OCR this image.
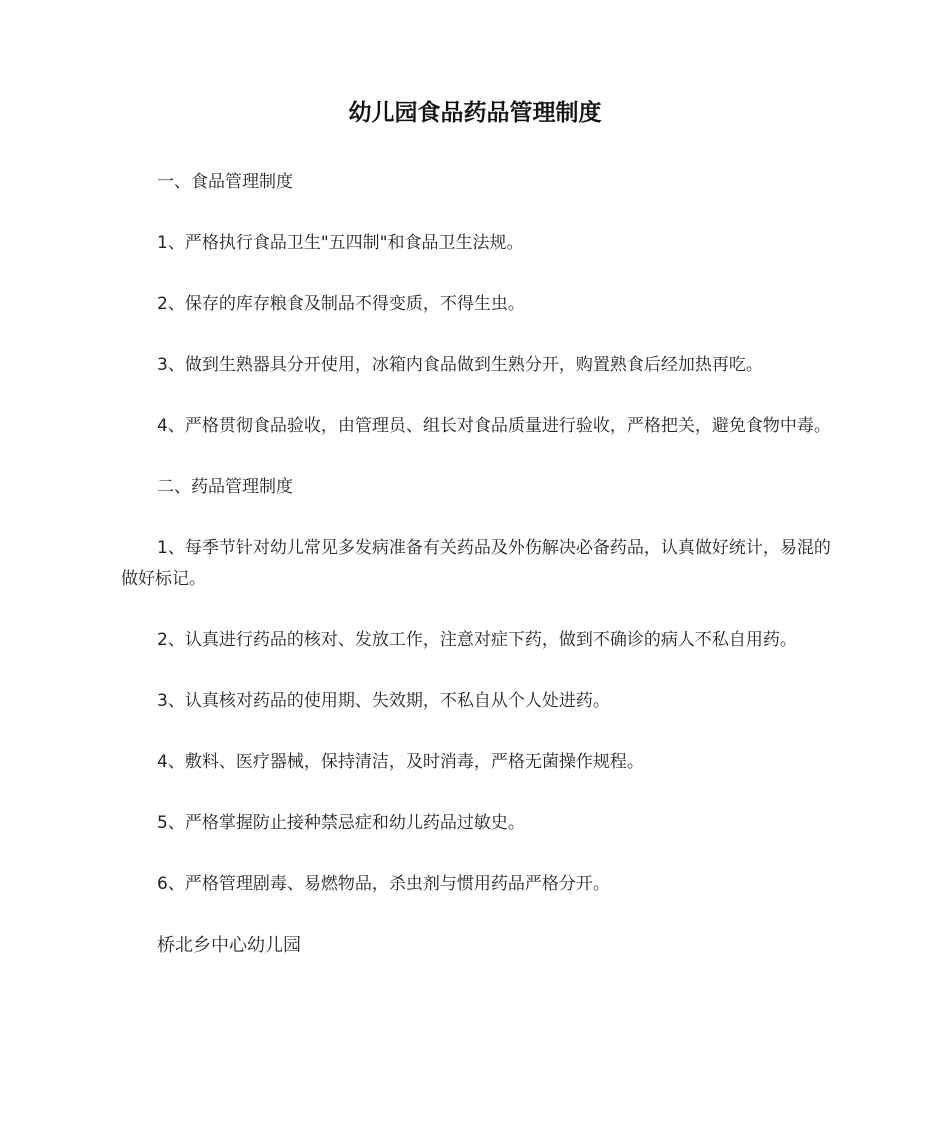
幼儿园食品药品管理制度

一、食品管理制度

1、严格执行食品卫生"五四制"和食品卫生法规。

2、保存的库存粮食及制品不得变质，不得生虫。

3、做到生熟器具分开使用，冰箱内食品做到生熟分开，购置熟食后经加热再吃。

4、严格贯彻食品验收，由管理员、组长对食品质量进行验收，严格把关，避免食物中毒。

二、药品管理制度

1、每季节针对幼儿常见多发病准备有关药品及外伤解决必备药品，认真做好统计，易混的做好标记。

2、认真进行药品的核对、发放工作，注意对症下药，做到不确诊的病人不私自用药。

3、认真核对药品的使用期、失效期，不私自从个人处进药。

4、敷料、医疗器械，保持清洁，及时消毒，严格无菌操作规程。

5、严格掌握防止接种禁忌症和幼儿药品过敏史。

6、严格管理剧毒、易燃物品，杀虫剂与惯用药品严格分开。

桥北乡中心幼儿园
